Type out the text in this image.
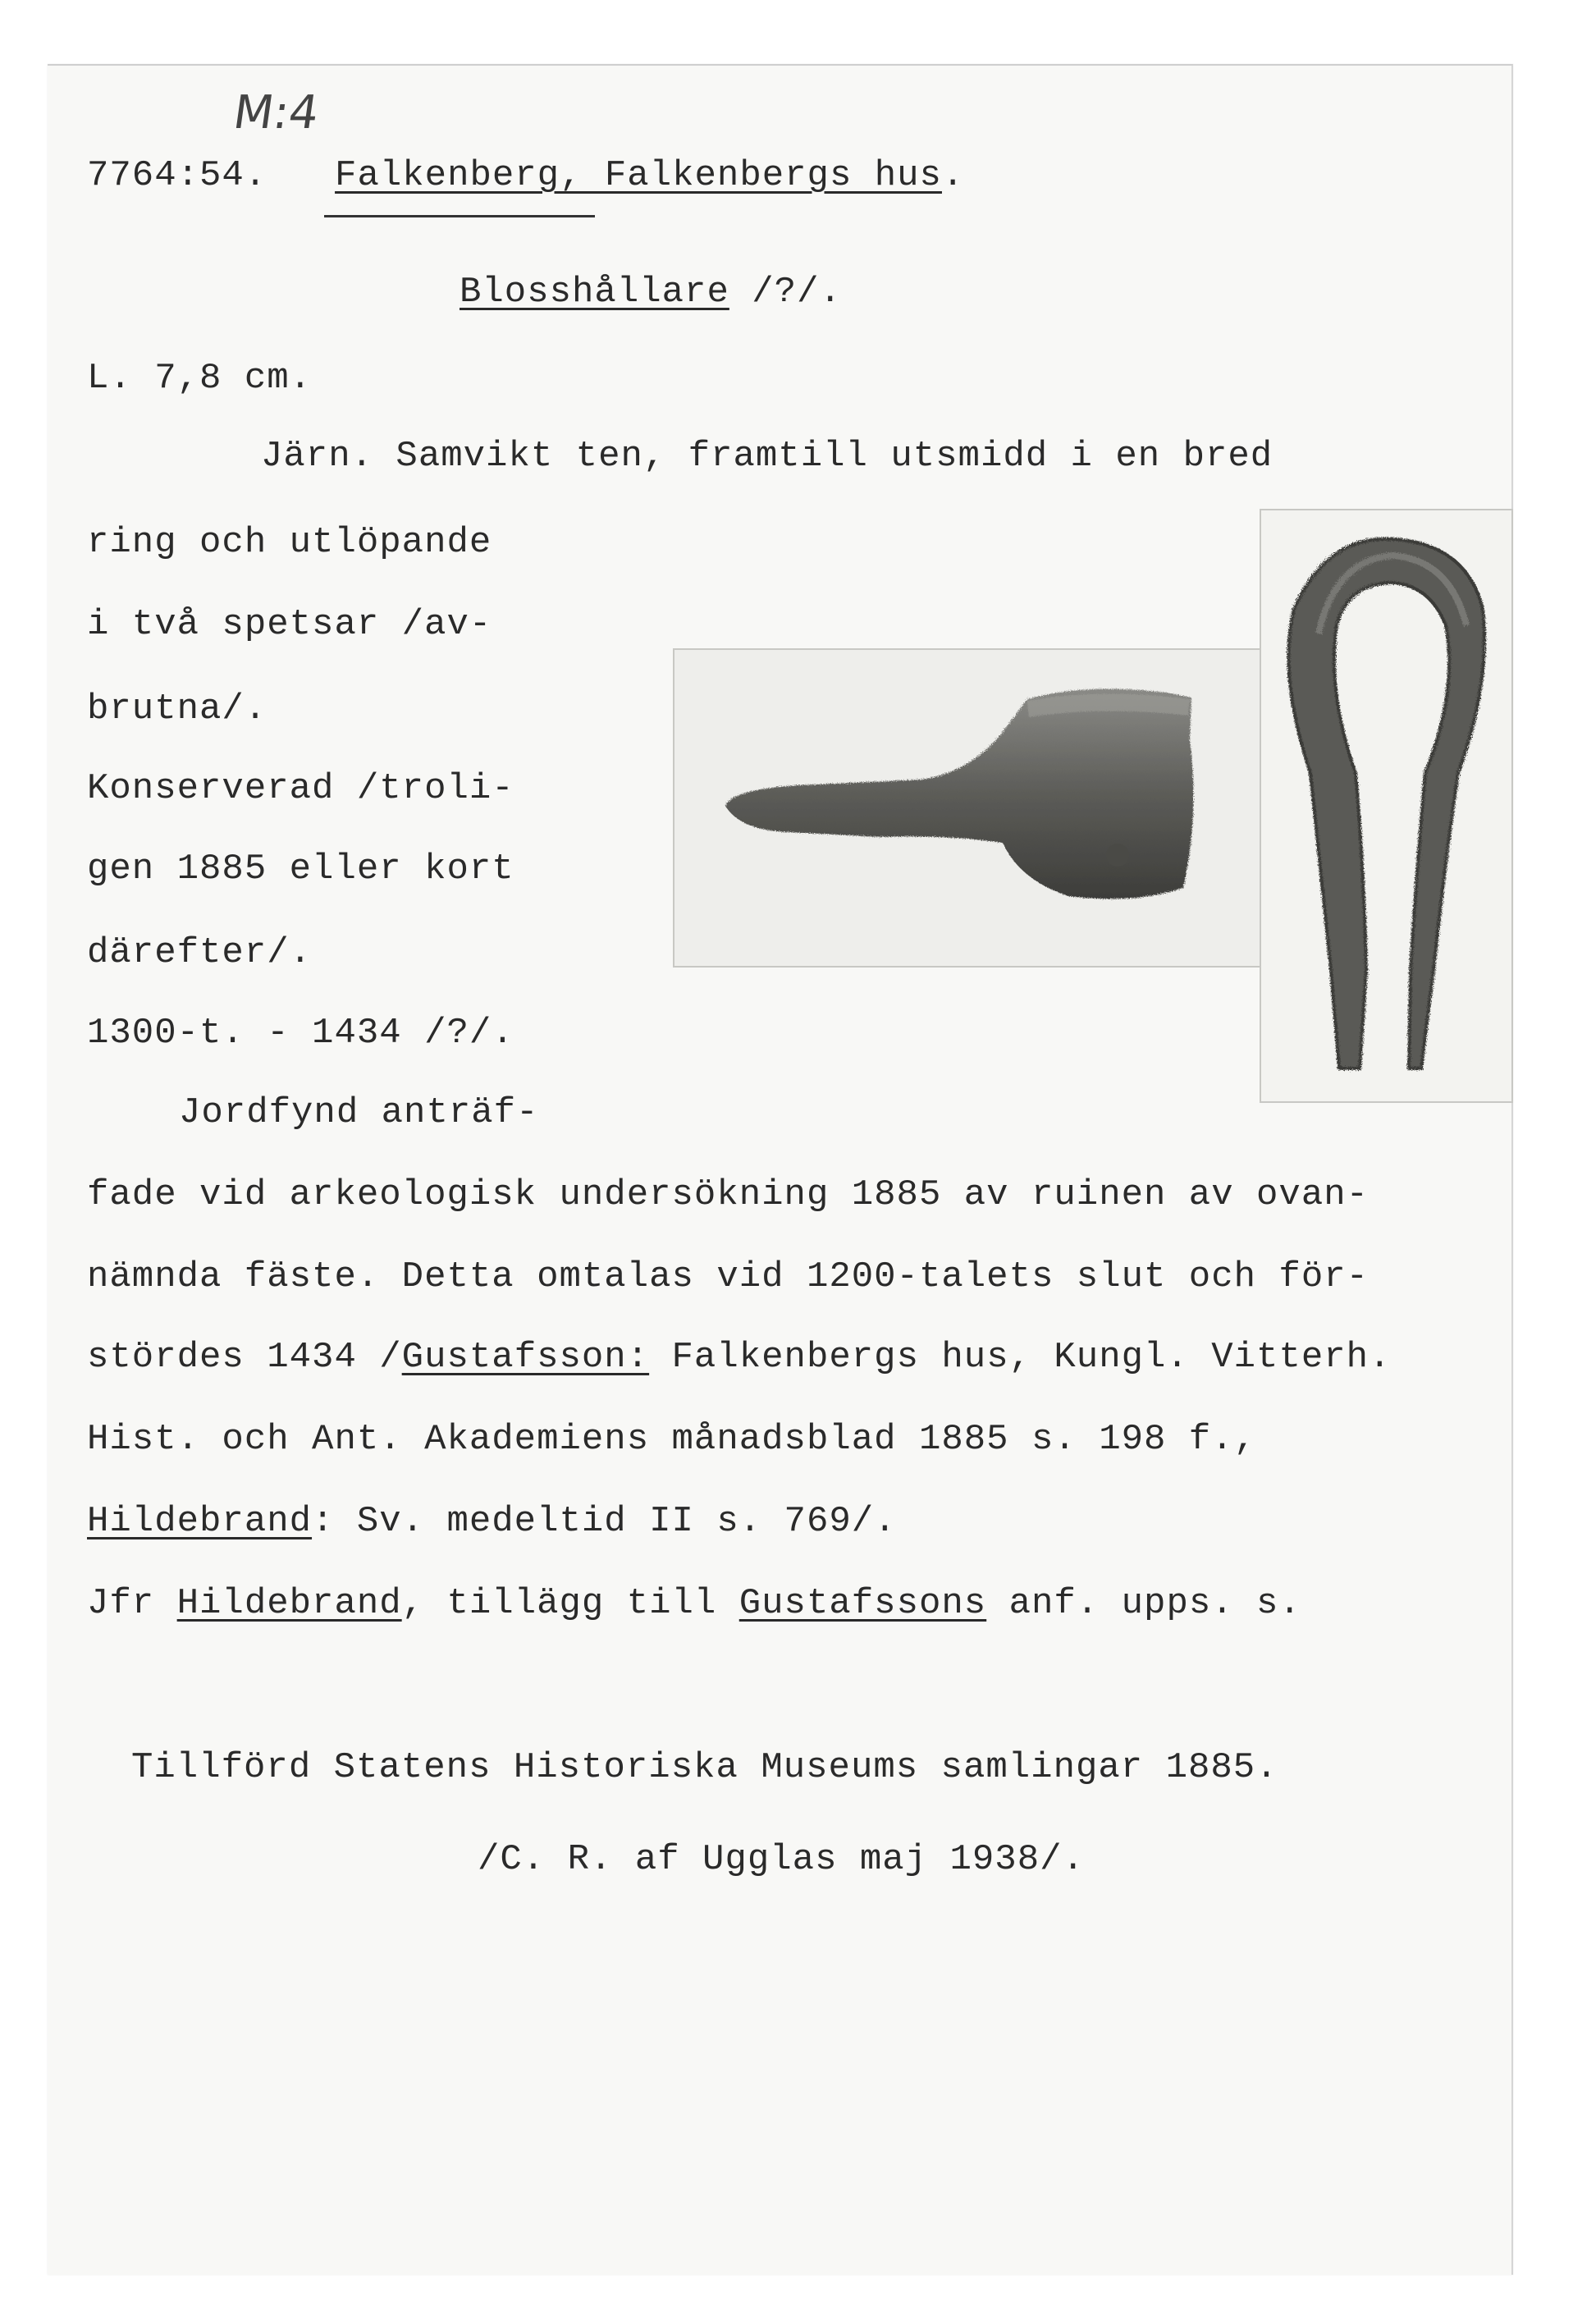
M:4
7764:54. Falkenberg, Falkenbergs hus.
Blosshållare /?/.
L. 7,8 cm.
Järn. Samvikt ten, framtill utsmidd i en bred
ring och utlöpande
i två spetsar /av-
brutna/.
Konserverad /troli-
gen 1885 eller kort
därefter/.
1300-t. - 1434 /?/.
Jordfynd anträf-
fade vid arkeologisk undersökning 1885 av ruinen av ovan-
nämnda fäste. Detta omtalas vid 1200-talets slut och för-
stördes 1434 /Gustafsson: Falkenbergs hus, Kungl. Vitterh.
Hist. och Ant. Akademiens månadsblad 1885 s. 198 f.,
Hildebrand: Sv. medeltid II s. 769/.
Jfr Hildebrand, tillägg till Gustafssons anf. upps. s.
Tillförd Statens Historiska Museums samlingar 1885.
/C. R. af Ugglas maj 1938/.
